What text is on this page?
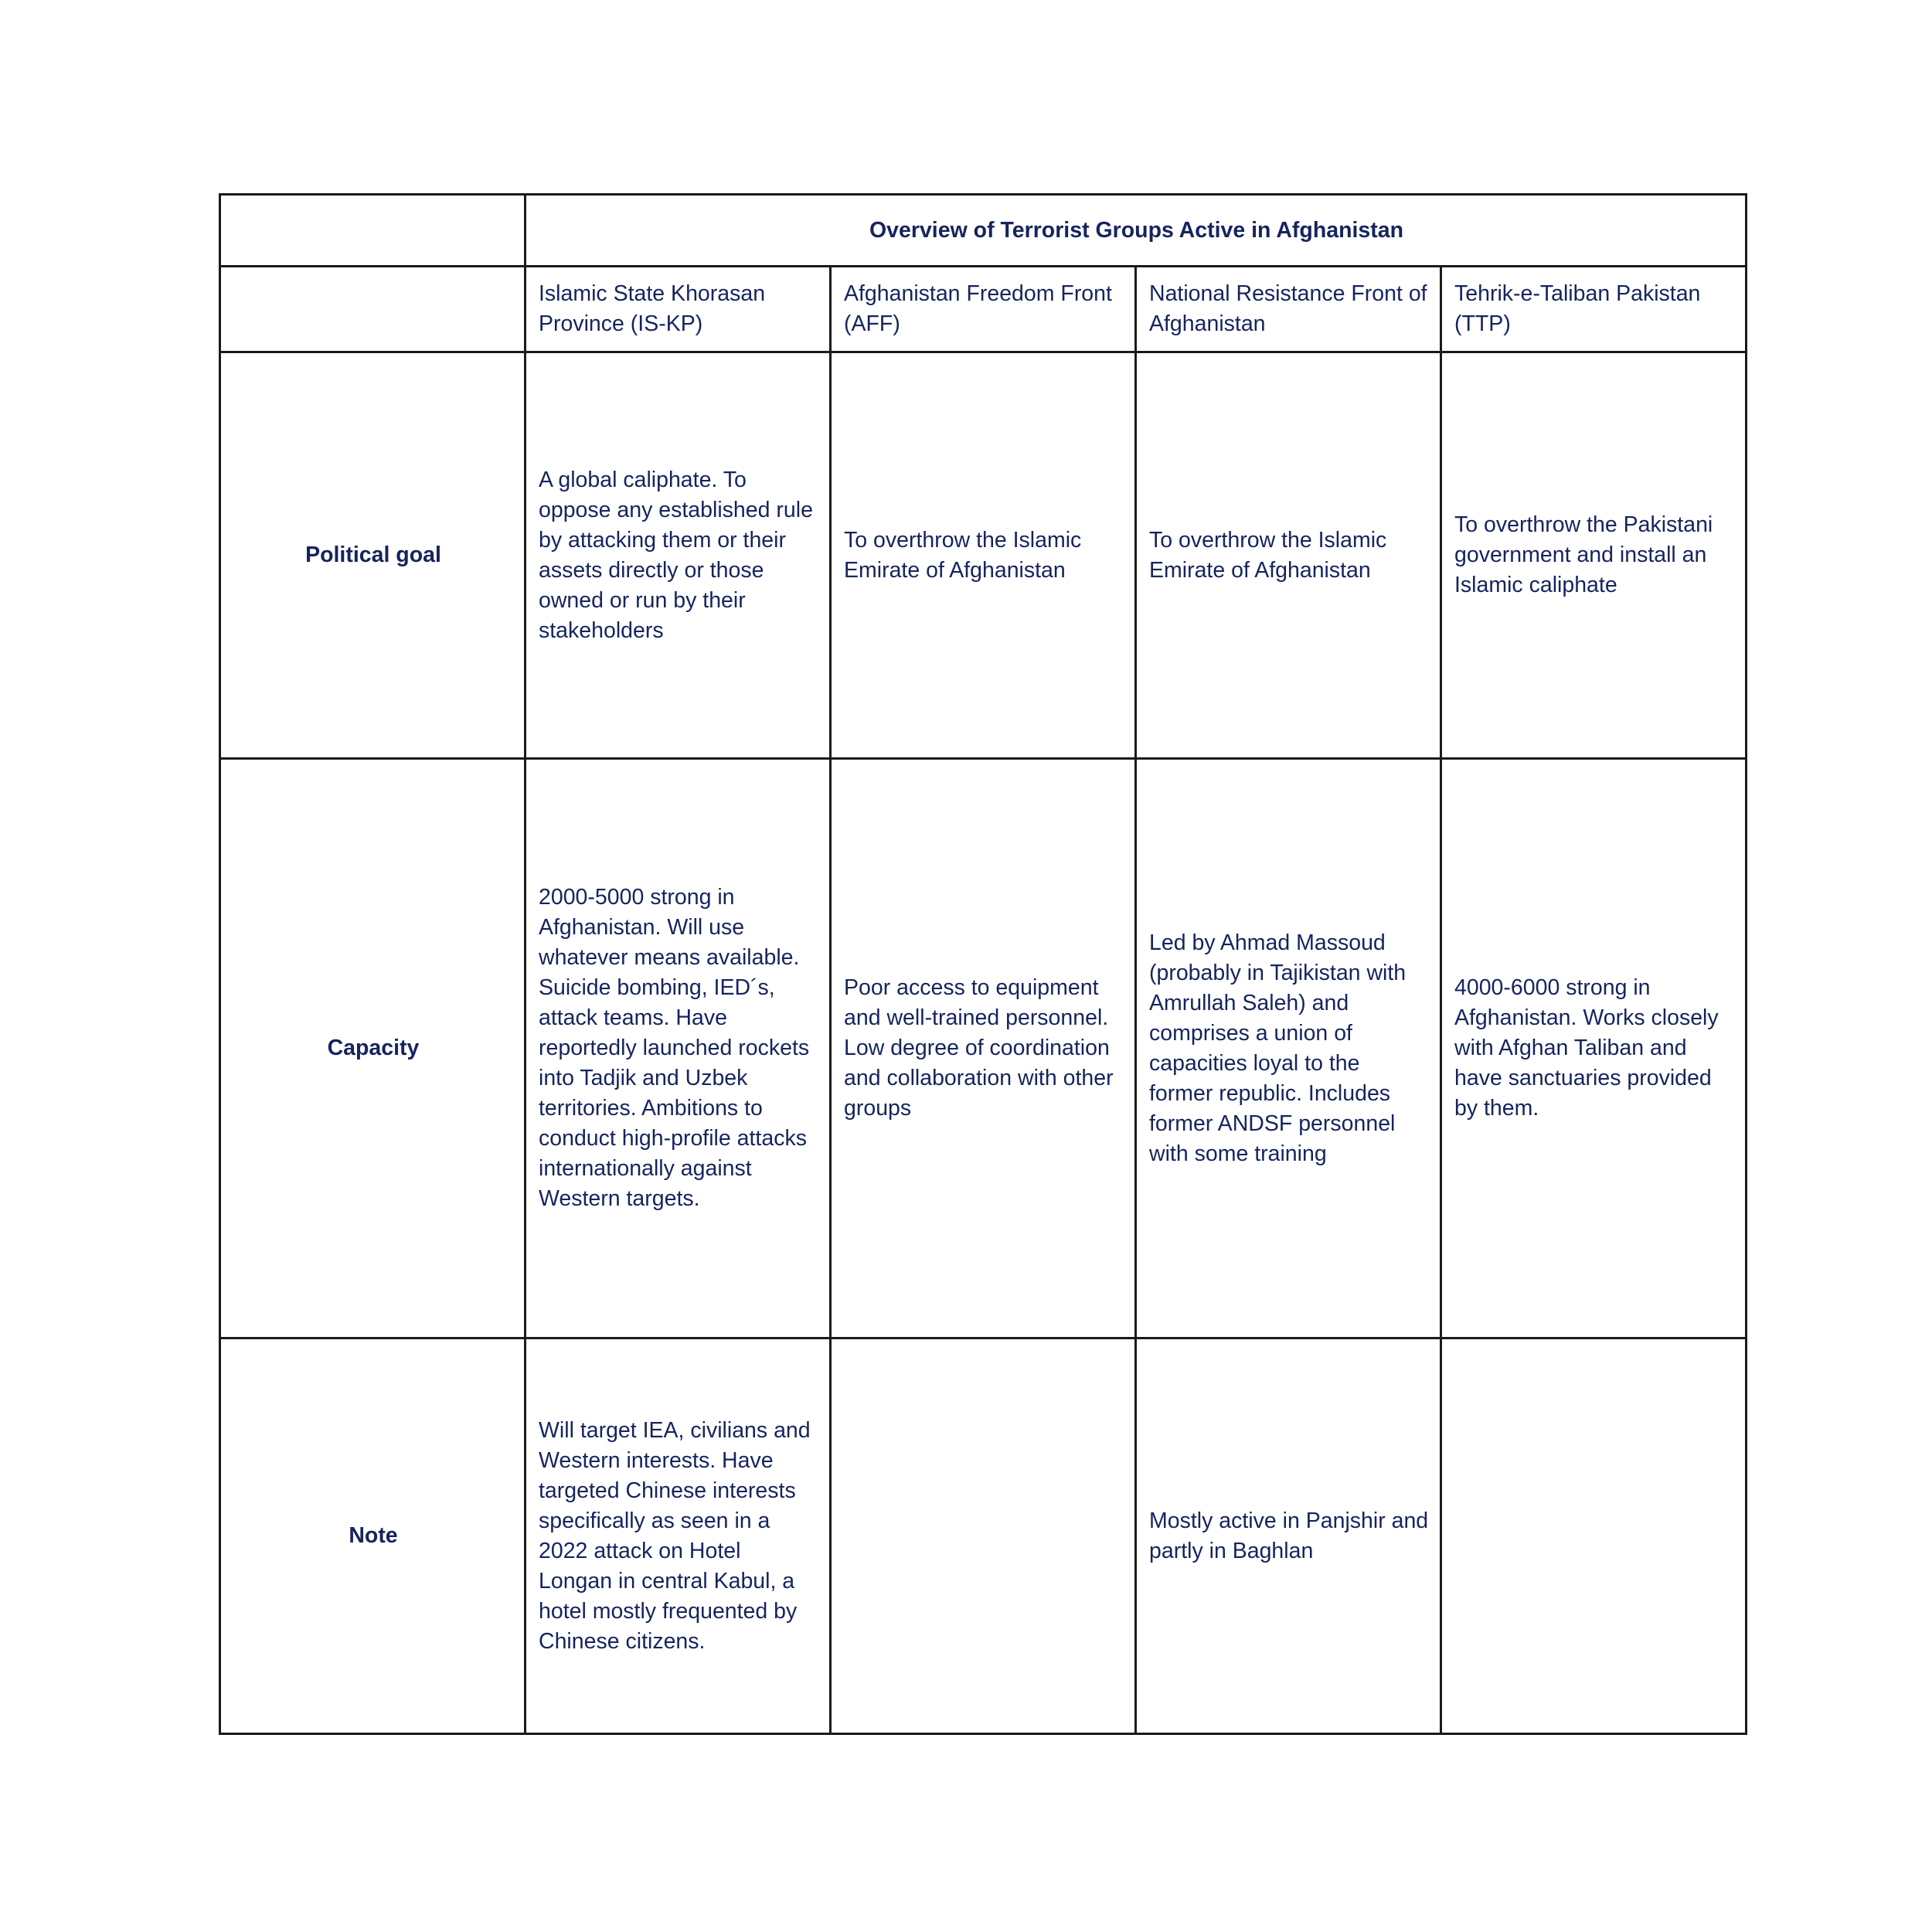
	Overview of Terrorist Groups Active in Afghanistan			
	Islamic State Khorasan Province (IS-KP)	Afghanistan Freedom Front (AFF)	National Resistance Front of Afghanistan	Tehrik-e-Taliban Pakistan (TTP)
Political goal	A global caliphate. To oppose any established rule by attacking them or their assets directly or those owned or run by their stakeholders	To overthrow the Islamic Emirate of Afghanistan	To overthrow the Islamic Emirate of Afghanistan	To overthrow the Pakistani government and install an Islamic caliphate
Capacity	2000-5000 strong in Afghanistan. Will use whatever means available. Suicide bombing, IED´s, attack teams. Have reportedly launched rockets into Tadjik and Uzbek territories. Ambitions to conduct high-profile attacks internationally against Western targets.	Poor access to equipment and well-trained personnel. Low degree of coordination and collaboration with other groups	Led by Ahmad Massoud (probably in Tajikistan with Amrullah Saleh) and comprises a union of capacities loyal to the former republic. Includes former ANDSF personnel with some training	4000-6000 strong in Afghanistan. Works closely with Afghan Taliban and have sanctuaries provided by them.
Note	Will target IEA, civilians and Western interests. Have targeted Chinese interests specifically as seen in a 2022 attack on Hotel Longan in central Kabul, a hotel mostly frequented by Chinese citizens.		Mostly active in Panjshir and partly in Baghlan	
